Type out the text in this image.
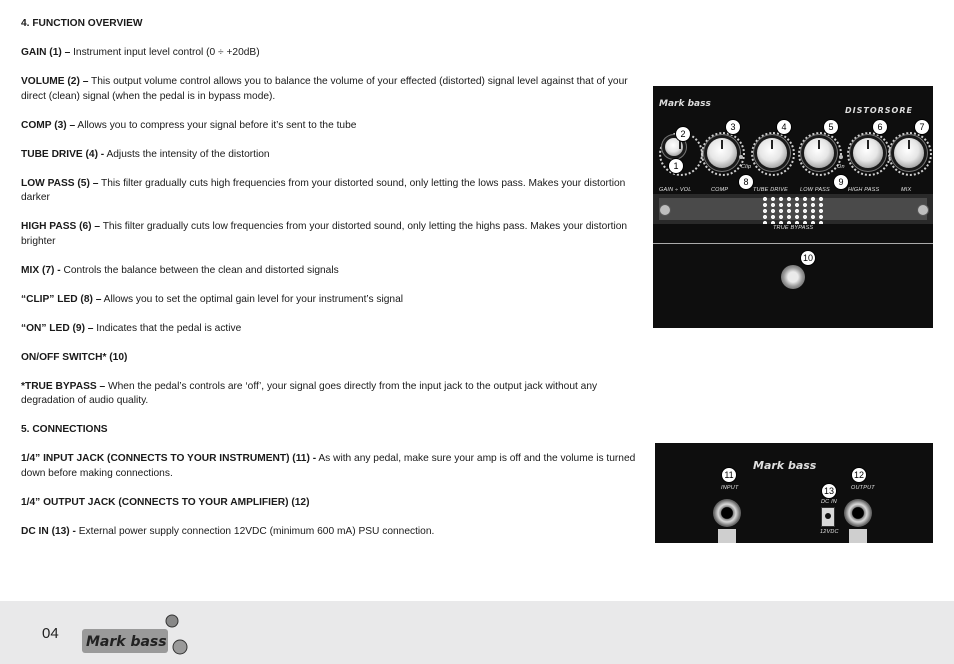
4. FUNCTION OVERVIEW

GAIN (1) – Instrument input level control (0 ÷ +20dB)

VOLUME (2) – This output volume control allows you to balance the volume of your effected (distorted) signal level against that of your direct (clean) signal (when the pedal is in bypass mode).

COMP (3) – Allows you to compress your signal before it’s sent to the tube

TUBE DRIVE (4) - Adjusts the intensity of the distortion

LOW PASS (5) – This filter gradually cuts high frequencies from your distorted sound, only letting the lows pass. Makes your distortion darker

HIGH PASS (6) – This filter gradually cuts low frequencies from your distorted sound, only letting the highs pass. Makes your distortion brighter

MIX (7) - Controls the balance between the clean and distorted signals

“CLIP” LED (8) – Allows you to set the optimal gain level for your instrument’s signal

“ON” LED (9) – Indicates that the pedal is active

ON/OFF SWITCH* (10)

*TRUE BYPASS – When the pedal’s controls are ‘off’, your signal goes directly from the input jack to the output jack without any degradation of audio quality.

5. CONNECTIONS

1/4” INPUT JACK (CONNECTS TO YOUR INSTRUMENT) (11) - As with any pedal, make sure your amp is off and the volume is turned down before making connections.

1/4” OUTPUT JACK (CONNECTS TO YOUR AMPLIFIER) (12)

DC IN (13) - External power supply connection 12VDC (minimum 600 mA) PSU connection.

Mark bass
DISTORSORE
Clip	On
GAIN ÷ VOL	COMP	TUBE DRIVE LOW PASS	HIGH PASS	MIX
TRUE BYPASS
1
2
3	4	5	6	7
8	9
10
Mark bass
INPUT	OUTPUT
DC IN
12VDC
11	12
13
04 Mark bass
